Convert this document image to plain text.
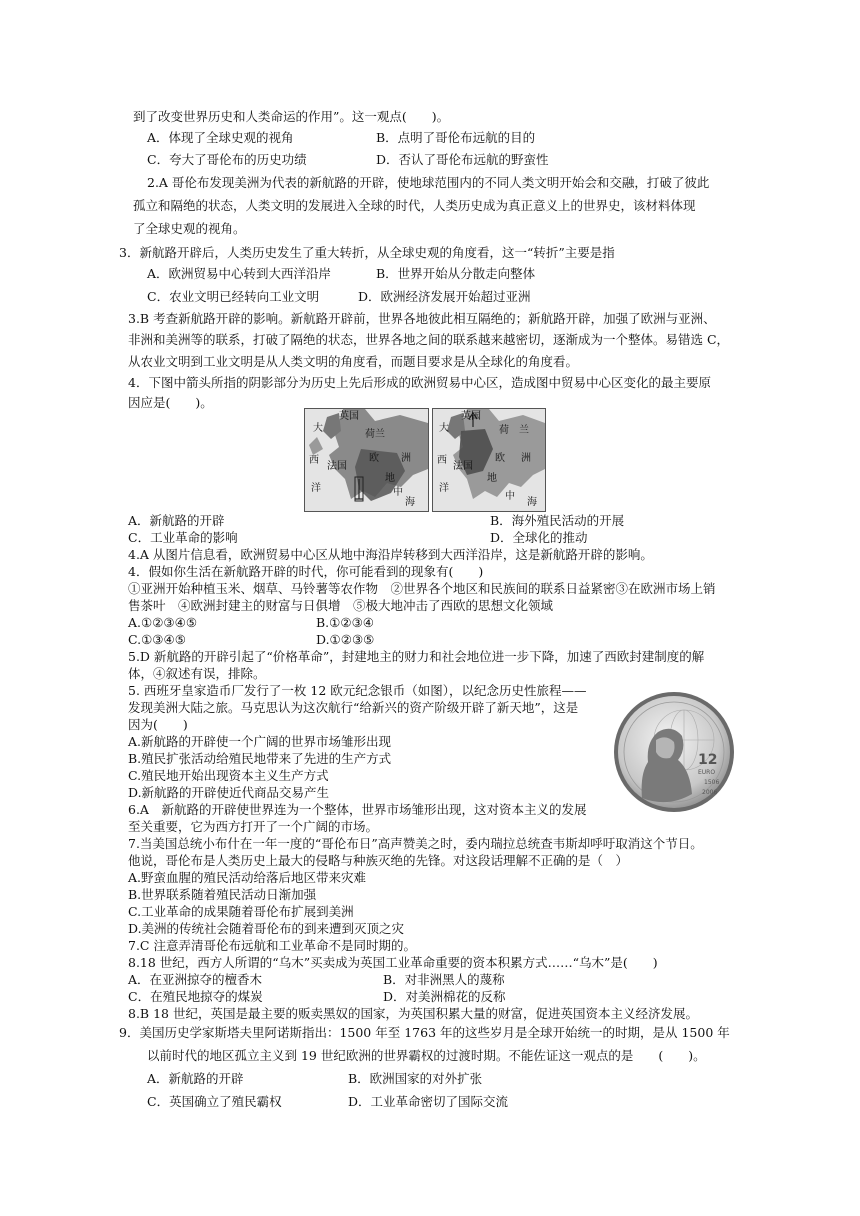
到了改变世界历史和人类命运的作用”。这一观点(　　)。
A．体现了全球史观的视角	B．点明了哥伦布远航的目的
C．夸大了哥伦布的历史功绩	D．否认了哥伦布远航的野蛮性
2.A 哥伦布发现美洲为代表的新航路的开辟，使地球范围内的不同人类文明开始会和交融，打破了彼此
孤立和隔绝的状态，人类文明的发展进入全球的时代，人类历史成为真正意义上的世界史，该材料体现
了全球史观的视角。
3．新航路开辟后，人类历史发生了重大转折，从全球史观的角度看，这一“转折”主要是指
A．欧洲贸易中心转到大西洋沿岸	B．世界开始从分散走向整体
C．农业文明已经转向工业文明	D．欧洲经济发展开始超过亚洲
3.B 考查新航路开辟的影响。新航路开辟前，世界各地彼此相互隔绝的；新航路开辟，加强了欧洲与亚洲、
非洲和美洲等的联系，打破了隔绝的状态，世界各地之间的联系越来越密切，逐渐成为一个整体。易错选 C，
从农业文明到工业文明是从人类文明的角度看，而题目要求是从全球化的角度看。
4．下图中箭头所指的阴影部分为历史上先后形成的欧洲贸易中心区，造成图中贸易中心区变化的最主要原
因应是(　　)。
英国
大
荷兰
西
法国
欧 洲
洋
地
中
海
英国
大	荷 兰
西
法国
欧 洲
洋
地
中
海
A．新航路的开辟	B．海外殖民活动的开展
C．工业革命的影响	D．全球化的推动
4.A 从图片信息看，欧洲贸易中心区从地中海沿岸转移到大西洋沿岸，这是新航路开辟的影响。
4．假如你生活在新航路开辟的时代，你可能看到的现象有(　　)
①亚洲开始种植玉米、烟草、马铃薯等农作物　②世界各个地区和民族间的联系日益紧密③在欧洲市场上销
售茶叶　④欧洲封建主的财富与日俱增　⑤极大地冲击了西欧的思想文化领域
A.①②③④⑤	B.①②③④
C.①③④⑤	D.①②③⑤
5.D 新航路的开辟引起了“价格革命”，封建地主的财力和社会地位进一步下降，加速了西欧封建制度的解
体，④叙述有误，排除。
5. 西班牙皇家造币厂发行了一枚 12 欧元纪念银币（如图），以纪念历史性旅程——
发现美洲大陆之旅。马克思认为这次航行“给新兴的资产阶级开辟了新天地”，这是
因为(　　)
A.新航路的开辟使一个广阔的世界市场雏形出现
B.殖民扩张活动给殖民地带来了先进的生产方式
C.殖民地开始出现资本主义生产方式
D.新航路的开辟使近代商品交易产生
6.A　新航路的开辟使世界连为一个整体，世界市场雏形出现，这对资本主义的发展
至关重要，它为西方打开了一个广阔的市场。
12
EURO
1506
2006
7.当美国总统小布什在一年一度的“哥伦布日”高声赞美之时，委内瑞拉总统查韦斯却呼吁取消这个节日。
他说，哥伦布是人类历史上最大的侵略与种族灭绝的先锋。对这段话理解不正确的是（　）
A.野蛮血腥的殖民活动给落后地区带来灾难
B.世界联系随着殖民活动日渐加强
C.工业革命的成果随着哥伦布扩展到美洲
D.美洲的传统社会随着哥伦布的到来遭到灭顶之灾
7.C 注意弄清哥伦布远航和工业革命不是同时期的。
8.18 世纪，西方人所谓的“乌木”买卖成为英国工业革命重要的资本积累方式……“乌木”是(　　)
A．在亚洲掠夺的檀香木	B．对非洲黑人的蔑称
C．在殖民地掠夺的煤炭	D．对美洲棉花的反称
8.B 18 世纪，英国是最主要的贩卖黑奴的国家，为英国积累大量的财富，促进英国资本主义经济发展。
9．美国历史学家斯塔夫里阿诺斯指出：1500 年至 1763 年的这些岁月是全球开始统一的时期，是从 1500 年
以前时代的地区孤立主义到 19 世纪欧洲的世界霸权的过渡时期。不能佐证这一观点的是　　(　　)。
A．新航路的开辟	B．欧洲国家的对外扩张
C．英国确立了殖民霸权	D．工业革命密切了国际交流
